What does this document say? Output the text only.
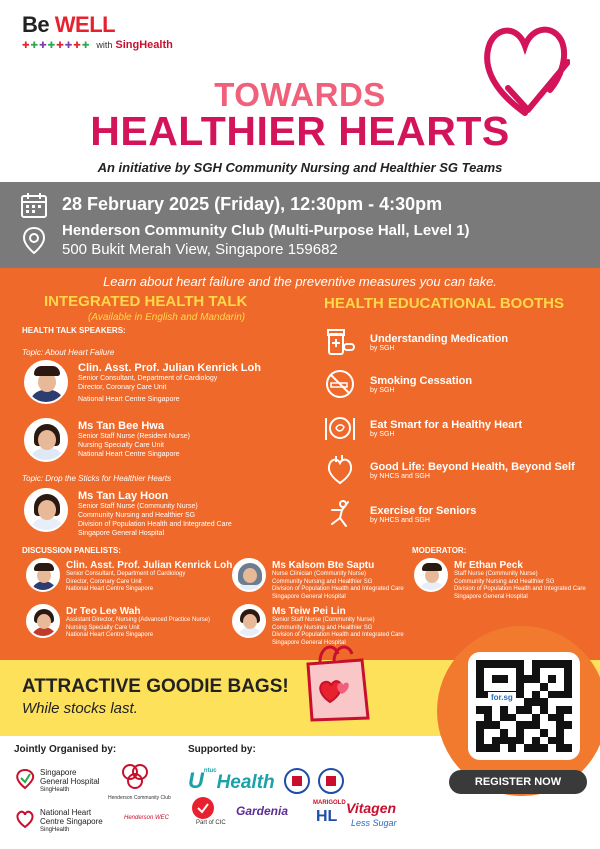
Be WELL
✚✚✚✚✚✚✚✚ with SingHealth
TOWARDS
HEALTHIER HEARTS
An initiative by SGH Community Nursing and Healthier SG Teams
28 February 2025 (Friday), 12:30pm - 4:30pm
Henderson Community Club (Multi-Purpose Hall, Level 1)
500 Bukit Merah View, Singapore 159682
Learn about heart failure and the preventive measures you can take.
INTEGRATED HEALTH TALK
(Available in English and Mandarin)
HEALTH EDUCATIONAL BOOTHS
HEALTH TALK SPEAKERS:
Topic: About Heart Failure
Clin. Asst. Prof. Julian Kenrick Loh
Senior Consultant, Department of Cardiology
Director, Coronary Care Unit
National Heart Centre Singapore
Ms Tan Bee Hwa
Senior Staff Nurse (Resident Nurse)
Nursing Specialty Care Unit
National Heart Centre Singapore
Topic: Drop the Sticks for Healthier Hearts
Ms Tan Lay Hoon
Senior Staff Nurse (Community Nurse)
Community Nursing and Healthier SG
Division of Population Health and Integrated Care
Singapore General Hospital
DISCUSSION PANELISTS:	MODERATOR:
Clin. Asst. Prof. Julian Kenrick Loh
Senior Consultant, Department of Cardiology
Director, Coronary Care Unit
National Heart Centre Singapore
Dr Teo Lee Wah
Assistant Director, Nursing (Advanced Practice Nurse)
Nursing Specialty Care Unit
National Heart Centre Singapore
Ms Kalsom Bte Saptu
Nurse Clinician (Community Nurse)
Community Nursing and Healthier SG
Division of Population Health and Integrated Care
Singapore General Hospital
Ms Teiw Pei Lin
Senior Staff Nurse (Community Nurse)
Community Nursing and Healthier SG
Division of Population Health and Integrated Care
Singapore General Hospital
Mr Ethan Peck
Staff Nurse (Community Nurse)
Community Nursing and Healthier SG
Division of Population Health and Integrated Care
Singapore General Hospital
Understanding Medication
by SGH
Smoking Cessation
by SGH
Eat Smart for a Healthy Heart
by SGH
Good Life: Beyond Health, Beyond Self
by NHCS and SGH
Exercise for Seniors
by NHCS and SGH
ATTRACTIVE GOODIE BAGS!
While stocks last.
for.sg
REGISTER NOW
Jointly Organised by:	Supported by:
Singapore
General Hospital
SingHealth
National Heart
Centre Singapore
SingHealth
Henderson Community Club
Henderson WEC
$U^{ntuc}Health$
Part of CIC
Gardenia
MARIGOLD
HL Vitagen
Less Sugar
